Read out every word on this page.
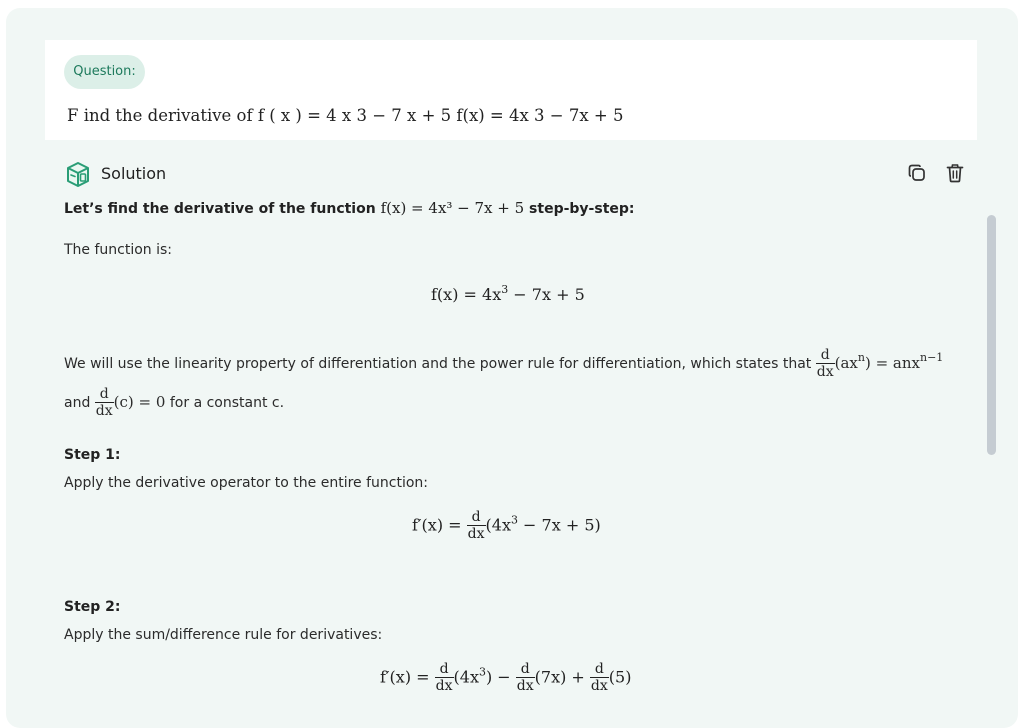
Question:
F ind the derivative of f ( x ) = 4 x 3 − 7 x + 5 f(x) = 4x 3 − 7x + 5
Solution
Let’s find the derivative of the function f(x) = 4x³ − 7x + 5 step-by-step:
The function is:
$f(x) = 4x^3 - 7x + 5$
We will use the linearity property of differentiation and the power rule for differentiation, which states that $\frac{d}{dx} (ax^n) = anx^{n-1}$
and $\frac{d}{dx} (c) = 0$ for a constant c.
Step 1:
Apply the derivative operator to the entire function:
$f'(x) = \frac{d}{dx} (4x^3 - 7x + 5)$
Step 2:
Apply the sum/difference rule for derivatives:
$f'(x) = \frac{d}{dx} (4x^3) - \frac{d}{dx} (7x) + \frac{d}{dx} (5)$
